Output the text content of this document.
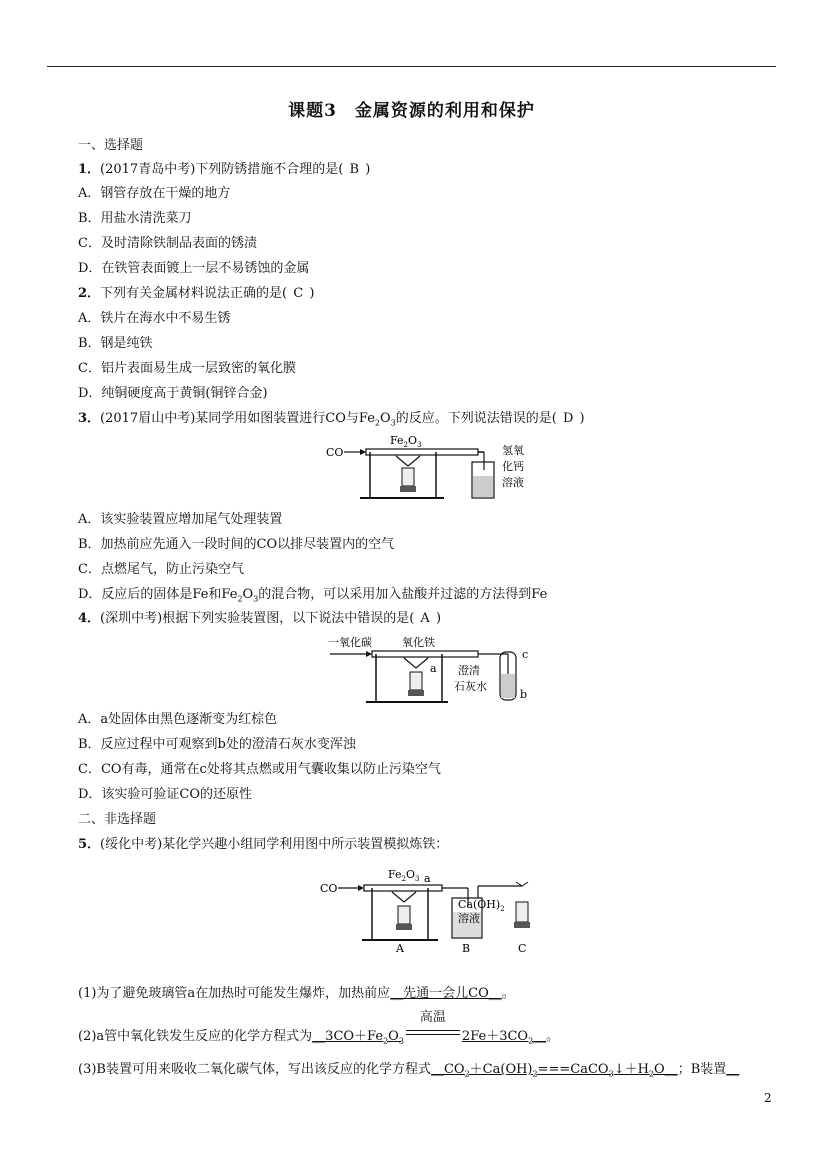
课题3　金属资源的利用和保护
一、选择题
1．(2017青岛中考)下列防锈措施不合理的是( B )
A．钢管存放在干燥的地方
B．用盐水清洗菜刀
C．及时清除铁制品表面的锈渍
D．在铁管表面镀上一层不易锈蚀的金属
2．下列有关金属材料说法正确的是( C )
A．铁片在海水中不易生锈
B．钢是纯铁
C．铝片表面易生成一层致密的氧化膜
D．纯铜硬度高于黄铜(铜锌合金)
3．(2017眉山中考)某同学用如图装置进行CO与$Fe_2O_3$的反应。下列说法错误的是( D )
CO
$Fe_2O_3$	氢氧
化钙
溶液
A．该实验装置应增加尾气处理装置
B．加热前应先通入一段时间的CO以排尽装置内的空气
C．点燃尾气，防止污染空气
D．反应后的固体是Fe和$Fe_2O_3$的混合物，可以采用加入盐酸并过滤的方法得到Fe
4．(深圳中考)根据下列实验装置图，以下说法中错误的是( A )
一氧化碳	氧化铁
a
c
b
澄清
石灰水
A．a处固体由黑色逐渐变为红棕色
B．反应过程中可观察到b处的澄清石灰水变浑浊
C．CO有毒，通常在c处将其点燃或用气囊收集以防止污染空气
D．该实验可验证CO的还原性
二、非选择题
5．(绥化中考)某化学兴趣小组同学利用图中所示装置模拟炼铁：
CO
$Fe_2O_3$ a
$Ca(OH)_2$
溶液
A	B	C
(1)为了避免玻璃管a在加热时可能发生爆炸，加热前应__先通一会儿CO__。
(2)a管中氧化铁发生反应的化学方程式为$\_\_3CO+Fe_2O_3$
高温
$2Fe+3CO_2\_\_$。
(3)B装置可用来吸收二氧化碳气体，写出该反应的化学方程式$\_\_CO_2+Ca(OH)_2===CaCO_3↓+H_2O\_\_$；B装置__
2
